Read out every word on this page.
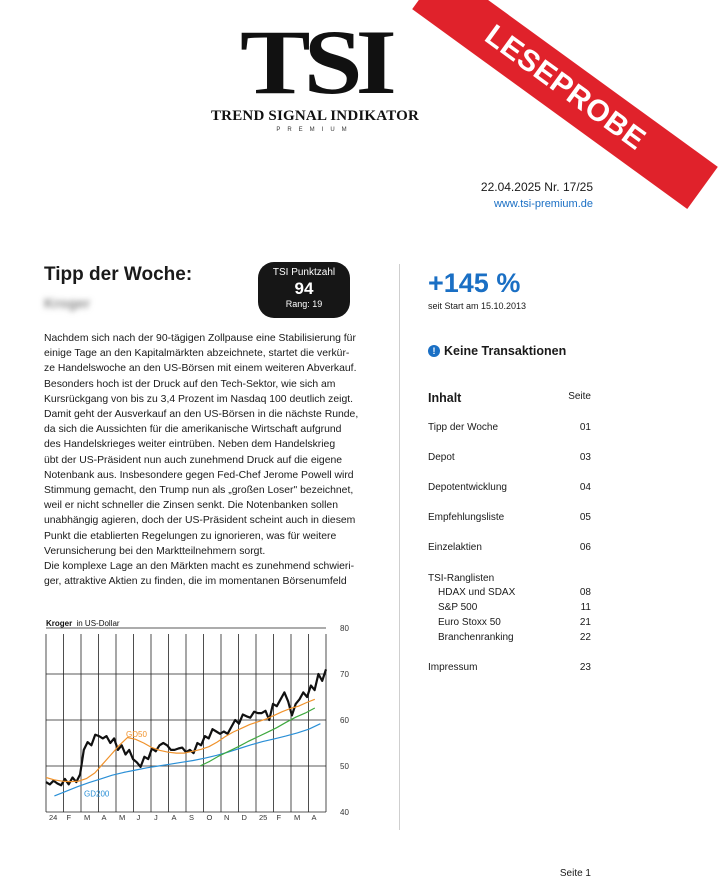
TSI
TREND SIGNAL INDIKATOR
PREMIUM	LESEPROBE
22.04.2025 Nr. 17/25
www.tsi-premium.de
Tipp der Woche:
Kroger
TSI Punktzahl
94
Rang: 19

Nachdem sich nach der 90-tägigen Zollpause eine Stabilisierung für

einige Tage an den Kapitalmärkten abzeichnete, startet die verkür-

ze Handelswoche an den US-Börsen mit einem weiteren Abverkauf.

Besonders hoch ist der Druck auf den Tech-Sektor, wie sich am

Kursrückgang von bis zu 3,4 Prozent im Nasdaq 100 deutlich zeigt.

Damit geht der Ausverkauf an den US-Börsen in die nächste Runde,

da sich die Aussichten für die amerikanische Wirtschaft aufgrund

des Handelskrieges weiter eintrüben. Neben dem Handelskrieg

übt der US-Präsident nun auch zunehmend Druck auf die eigene

Notenbank aus. Insbesondere gegen Fed-Chef Jerome Powell wird

Stimmung gemacht, den Trump nun als „großen Loser" bezeichnet,

weil er nicht schneller die Zinsen senkt. Die Notenbanken sollen

unabhängig agieren, doch der US-Präsident scheint auch in diesem

Punkt die etablierten Regelungen zu ignorieren, was für weitere

Verunsicherung bei den Marktteilnehmern sorgt.

Die komplexe Lage an den Märkten macht es zunehmend schwieri-

ger, attraktive Aktien zu finden, die im momentanen Börsenumfeld

Kroger in US-Dollar
40
50
60
70
80
24 F M A M J J A S O N D 25 F M A
GD50
GD200
+145 %
seit Start am 15.10.2013
! Keine Transaktionen
Inhalt	Seite
Tipp der Woche	01
Depot	03
Depotentwicklung	04
Empfehlungsliste	05
Einzelaktien	06
TSI-Ranglisten
HDAX und SDAX	08
S&P 500	11
Euro Stoxx 50	21
Branchenranking	22
Impressum	23
Seite 1
